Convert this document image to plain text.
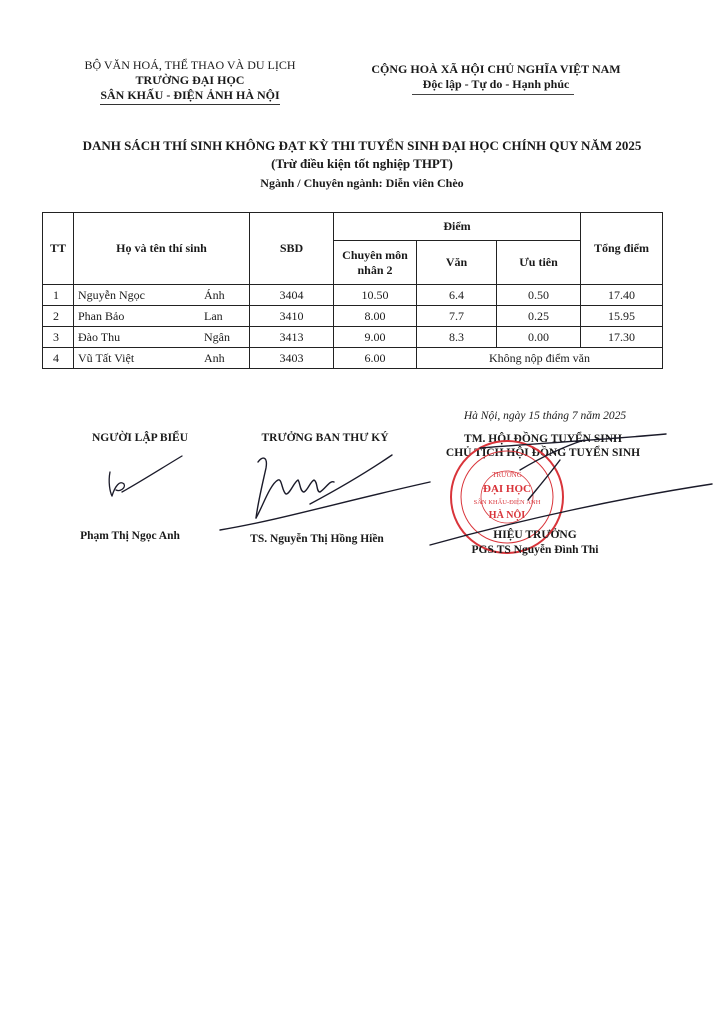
BỘ VĂN HOÁ, THỂ THAO VÀ DU LỊCH
TRƯỜNG ĐẠI HỌC
SÂN KHẤU - ĐIỆN ẢNH HÀ NỘI
CỘNG HOÀ XÃ HỘI CHỦ NGHĨA VIỆT NAM
Độc lập - Tự do - Hạnh phúc
DANH SÁCH THÍ SINH KHÔNG ĐẠT KỲ THI TUYỂN SINH ĐẠI HỌC CHÍNH QUY NĂM 2025
(Trừ điều kiện tốt nghiệp THPT)
Ngành / Chuyên ngành: Diễn viên Chèo
TT	Họ và tên thí sinh	SBD	Điểm			Tổng điểm
			Chuyên môn nhân 2	Văn	Ưu tiên	
1	Nguyễn Ngọc Ánh	3404	10.50	6.4	0.50	17.40
2	Phan Bảo Lan	3410	8.00	7.7	0.25	15.95
3	Đào Thu Ngân	3413	9.00	8.3	0.00	17.30
4	Vũ Tất Việt Anh	3403	6.00	Không nộp điểm văn		
Hà Nội, ngày 15 tháng 7 năm 2025
NGƯỜI LẬP BIỂU	TRƯỞNG BAN THƯ KÝ	TM. HỘI ĐỒNG TUYỂN SINH
CHỦ TỊCH HỘI ĐỒNG TUYỂN SINH
TRƯỜNG
ĐẠI HỌC
SÂN KHẤU-ĐIỆN ẢNH
HÀ NỘI
Phạm Thị Ngọc Anh	TS. Nguyễn Thị Hồng Hiền	HIỆU TRƯỞNG
PGS.TS Nguyễn Đình Thi
